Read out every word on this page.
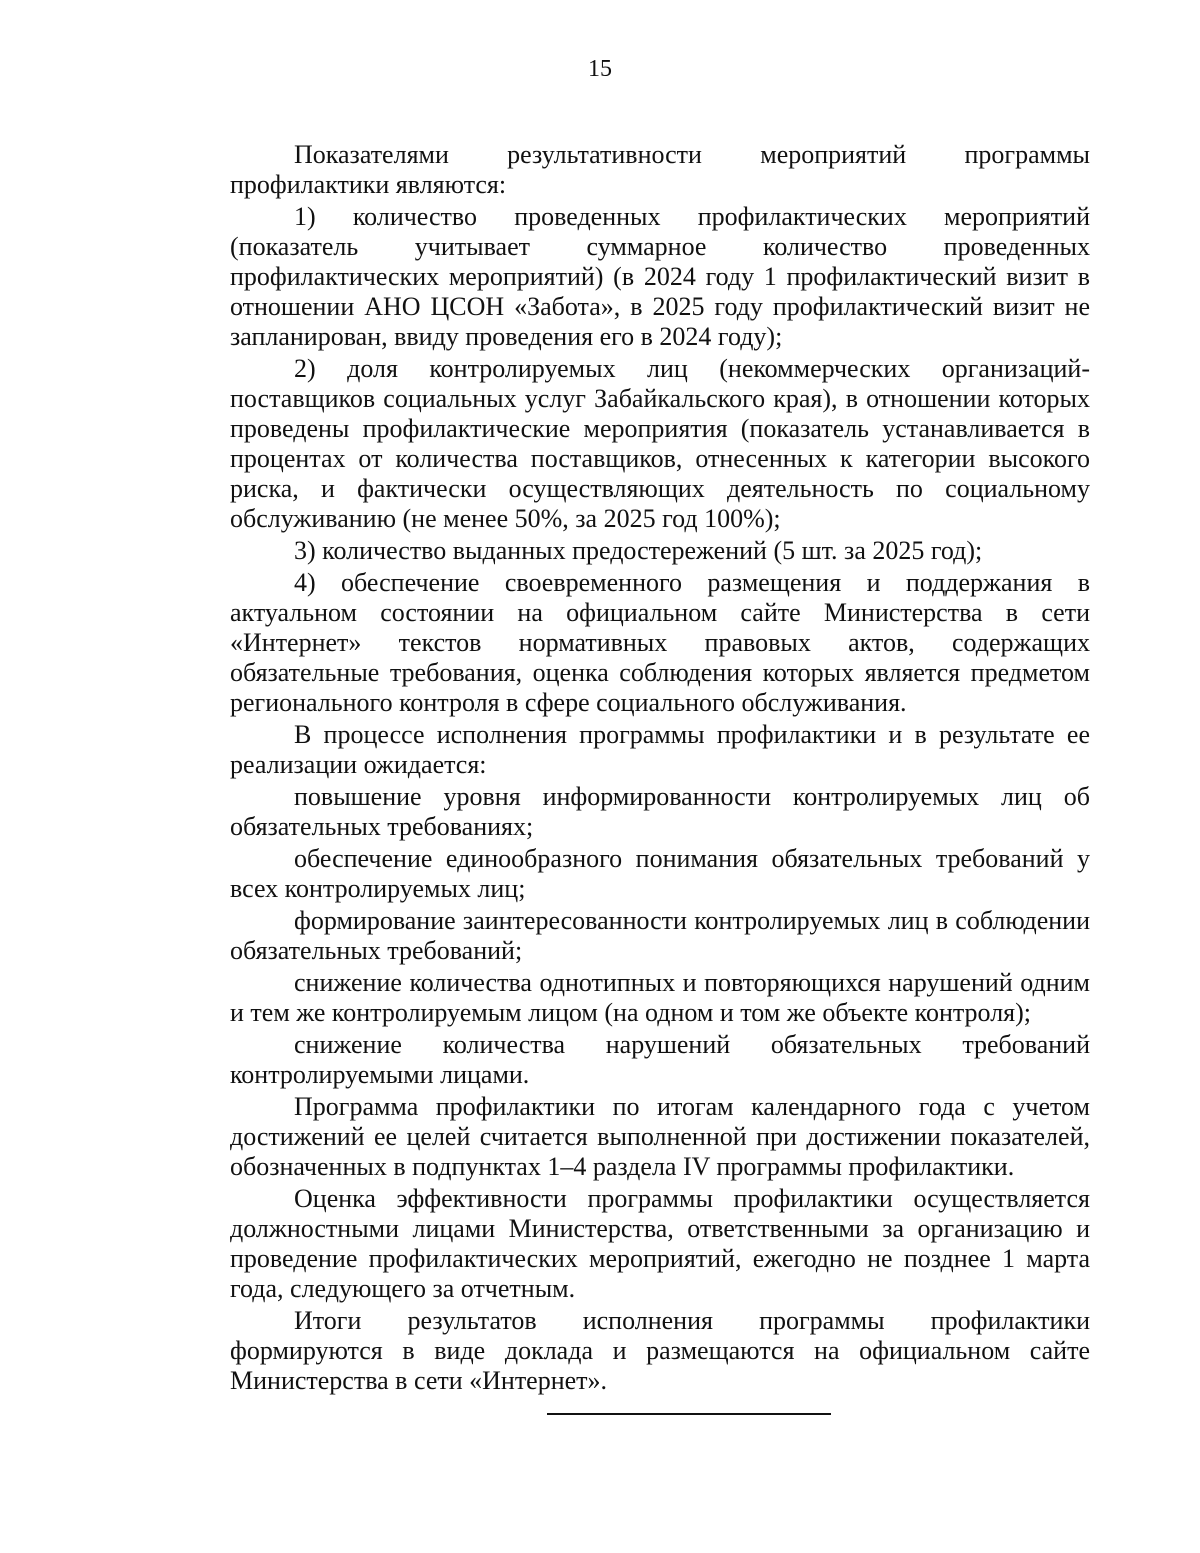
15

Показателями результативности мероприятий программы профилактики являются:

1) количество проведенных профилактических мероприятий (показатель учитывает суммарное количество проведенных профилактических мероприятий) (в 2024 году 1 профилактический визит в отношении АНО ЦСОН «Забота», в 2025 году профилактический визит не запланирован, ввиду проведения его в 2024 году);

2) доля контролируемых лиц (некоммерческих организаций-поставщиков социальных услуг Забайкальского края), в отношении которых проведены профилактические мероприятия (показатель устанавливается в процентах от количества поставщиков, отнесенных к категории высокого риска, и фактически осуществляющих деятельность по социальному обслуживанию (не менее 50%, за 2025 год 100%);

3) количество выданных предостережений (5 шт. за 2025 год);

4) обеспечение своевременного размещения и поддержания в актуальном состоянии на официальном сайте Министерства в сети «Интернет» текстов нормативных правовых актов, содержащих обязательные требования, оценка соблюдения которых является предметом регионального контроля в сфере социального обслуживания.

В процессе исполнения программы профилактики и в результате ее реализации ожидается:

повышение уровня информированности контролируемых лиц об обязательных требованиях;

обеспечение единообразного понимания обязательных требований у всех контролируемых лиц;

формирование заинтересованности контролируемых лиц в соблюдении обязательных требований;

снижение количества однотипных и повторяющихся нарушений одним и тем же контролируемым лицом (на одном и том же объекте контроля);

снижение количества нарушений обязательных требований контролируемыми лицами.

Программа профилактики по итогам календарного года с учетом достижений ее целей считается выполненной при достижении показателей, обозначенных в подпунктах 1–4 раздела IV программы профилактики.

Оценка эффективности программы профилактики осуществляется должностными лицами Министерства, ответственными за организацию и проведение профилактических мероприятий, ежегодно не позднее 1 марта года, следующего за отчетным.

Итоги результатов исполнения программы профилактики формируются в виде доклада и размещаются на официальном сайте Министерства в сети «Интернет».
